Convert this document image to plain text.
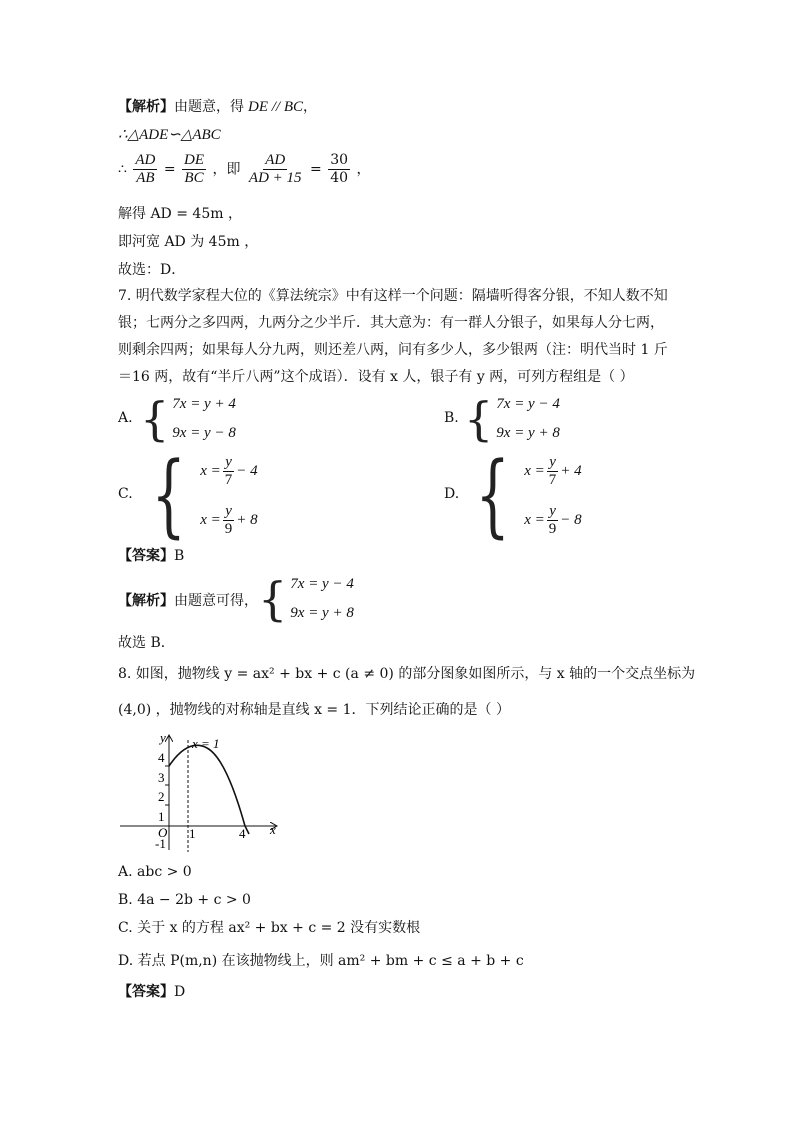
【解析】由题意，得 DE // BC，
∴△ADE∽△ABC
∴ $\frac{AD}{AB} = \frac{DE}{BC}$ ，即 $\frac{AD}{AD + 15} = \frac{30}{40}$ ，
解得 AD = 45m ，
即河宽 AD 为 45m ，
故选：D．
7. 明代数学家程大位的《算法统宗》中有这样一个问题：隔墙听得客分银，不知人数不知
银；七两分之多四两，九两分之少半斤．其大意为：有一群人分银子，如果每人分七两，
则剩余四两；如果每人分九两，则还差八两，问有多少人，多少银两（注：明代当时 1 斤
＝16 两，故有“半斤八两”这个成语）．设有 x 人，银子有 y 两，可列方程组是（ ）
A. { 7x = y + 4
9x = y − 8
B. { 7x = y − 4
9x = y + 8
C. { $x = \frac{y}{7} - 4$
$x = \frac{y}{9} + 8$
D. { $x = \frac{y}{7} + 4$
$x = \frac{y}{9} - 8$
【答案】B
【解析】由题意可得， { 7x = y − 4
9x = y + 8
故选 B．
8. 如图，抛物线 y = ax² + bx + c (a ≠ 0) 的部分图象如图所示，与 x 轴的一个交点坐标为
(4,0) ，抛物线的对称轴是直线 x = 1．下列结论正确的是（ ）
y
x
x = 1
O
4
3
2
1
-1
1	4
A. abc > 0
B. 4a − 2b + c > 0
C. 关于 x 的方程 ax² + bx + c = 2 没有实数根
D. 若点 P(m,n) 在该抛物线上，则 am² + bm + c ≤ a + b + c
【答案】D
